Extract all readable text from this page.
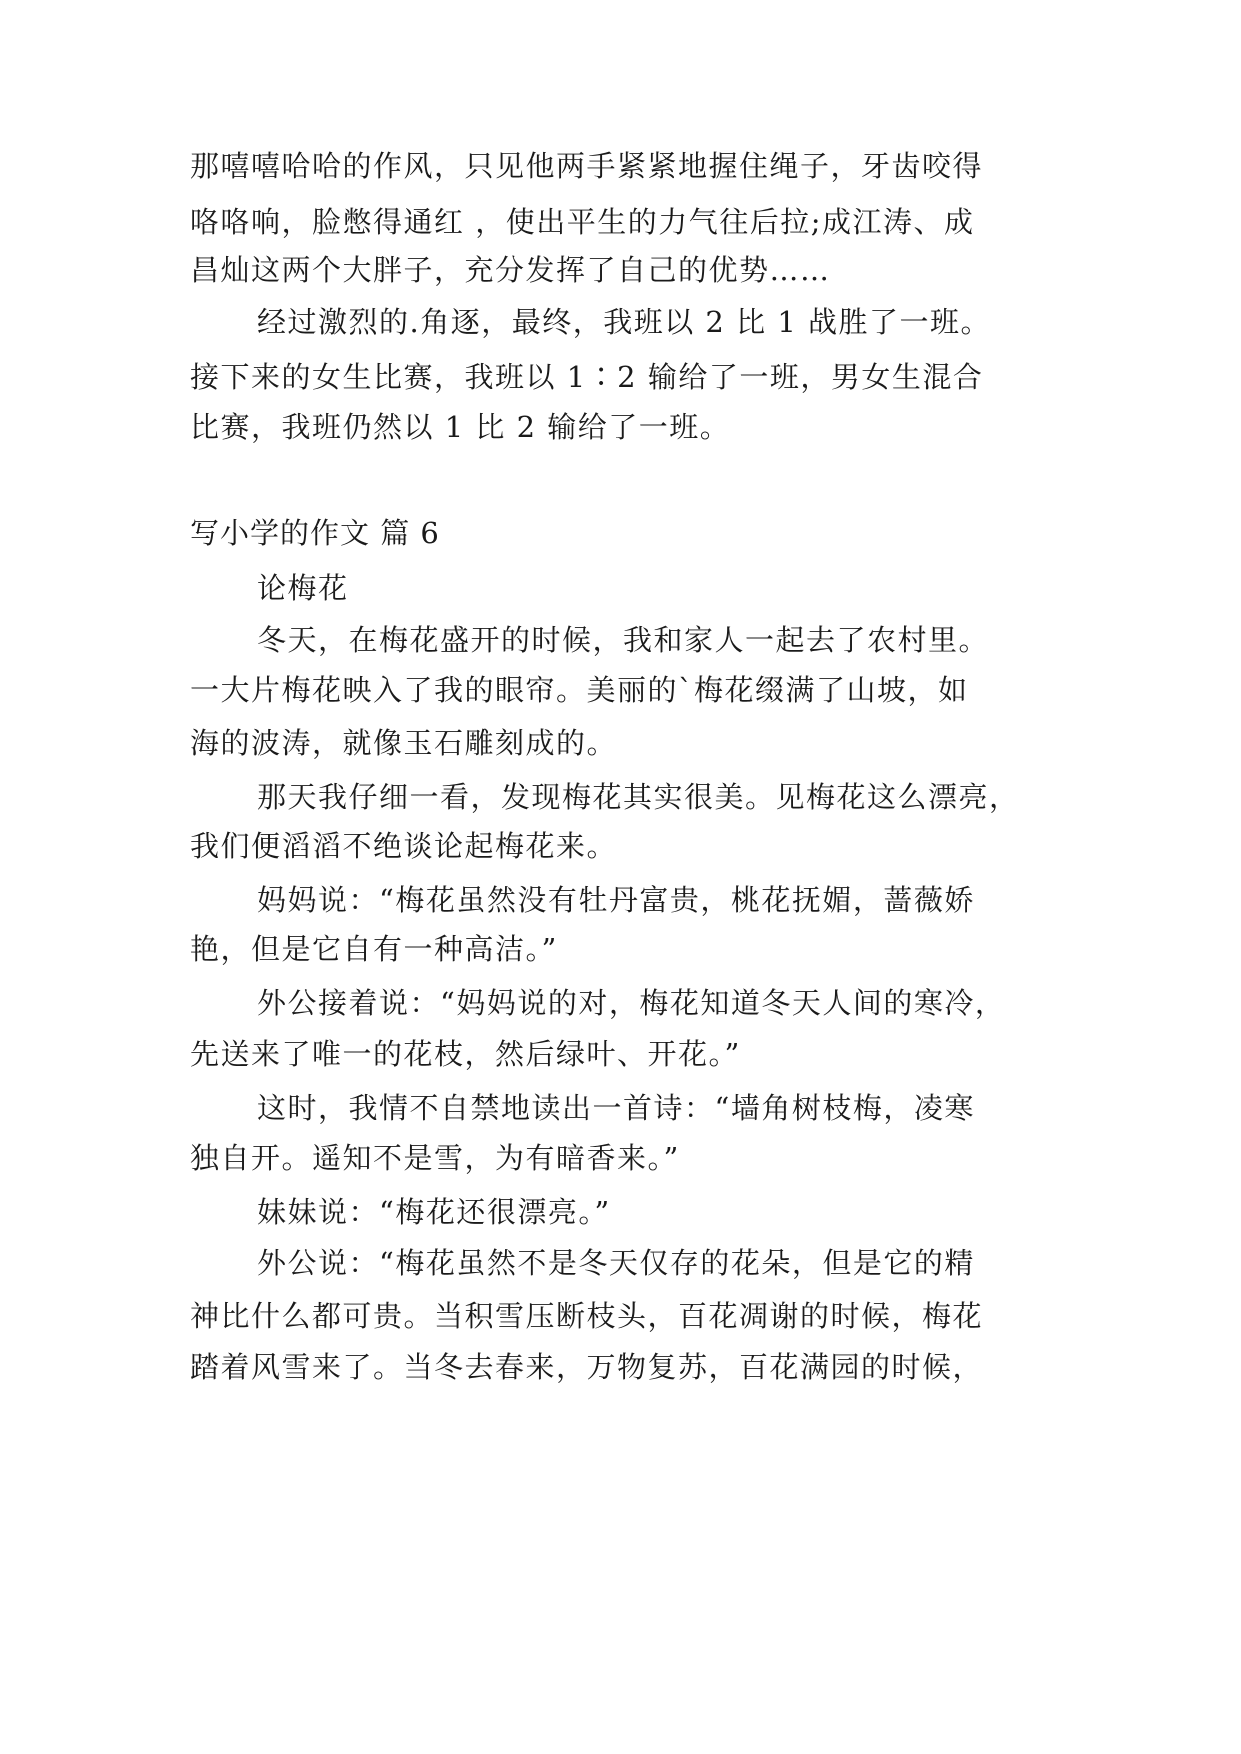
那嘻嘻哈哈的作风，只见他两手紧紧地握住绳子，牙齿咬得
咯咯响，脸憋得通红 ，使出平生的力气往后拉;成江涛、成
昌灿这两个大胖子，充分发挥了自己的优势……
经过激烈的.角逐，最终，我班以 2 比 1 战胜了一班。
接下来的女生比赛，我班以 1∶2 输给了一班，男女生混合
比赛，我班仍然以 1 比 2 输给了一班。
写小学的作文 篇 6
论梅花
冬天，在梅花盛开的时候，我和家人一起去了农村里。
一大片梅花映入了我的眼帘。美丽的`梅花缀满了山坡，如
海的波涛，就像玉石雕刻成的。
那天我仔细一看，发现梅花其实很美。见梅花这么漂亮，
我们便滔滔不绝谈论起梅花来。
妈妈说：“梅花虽然没有牡丹富贵，桃花抚媚，蔷薇娇
艳，但是它自有一种高洁。”
外公接着说：“妈妈说的对，梅花知道冬天人间的寒冷，
先送来了唯一的花枝，然后绿叶、开花。”
这时，我情不自禁地读出一首诗：“墙角树枝梅，凌寒
独自开。遥知不是雪，为有暗香来。”
妹妹说：“梅花还很漂亮。”
外公说：“梅花虽然不是冬天仅存的花朵，但是它的精
神比什么都可贵。当积雪压断枝头，百花凋谢的时候，梅花
踏着风雪来了。当冬去春来，万物复苏，百花满园的时候，
